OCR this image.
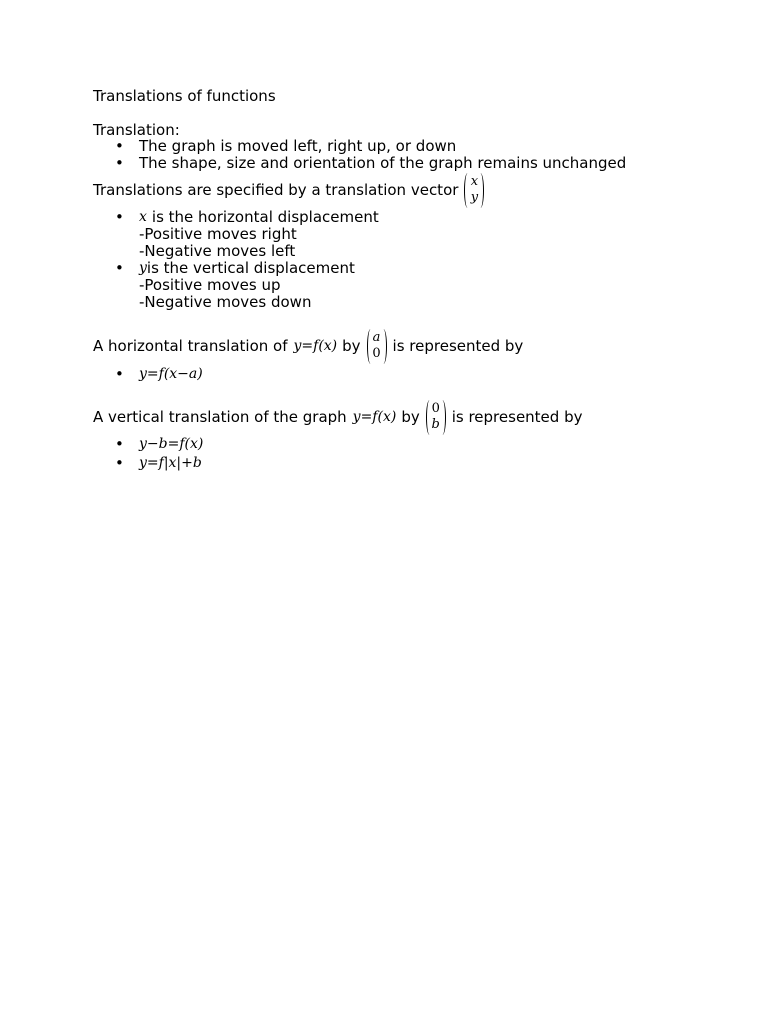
Translations of functions
Translation:
•	The graph is moved left, right up, or down
•	The shape, size and orientation of the graph remains unchanged
Translations are specified by a translation vector x
y
•	x is the horizontal displacement
-Positive moves right
-Negative moves left
•	y is the vertical displacement
-Positive moves up
-Negative moves down
A horizontal translation of y=f(x) by a
0 is represented by
•	y=f(x−a)
A vertical translation of the graph y=f(x) by 0
b is represented by
•	y−b=f(x)
•	y=f|x|+b
